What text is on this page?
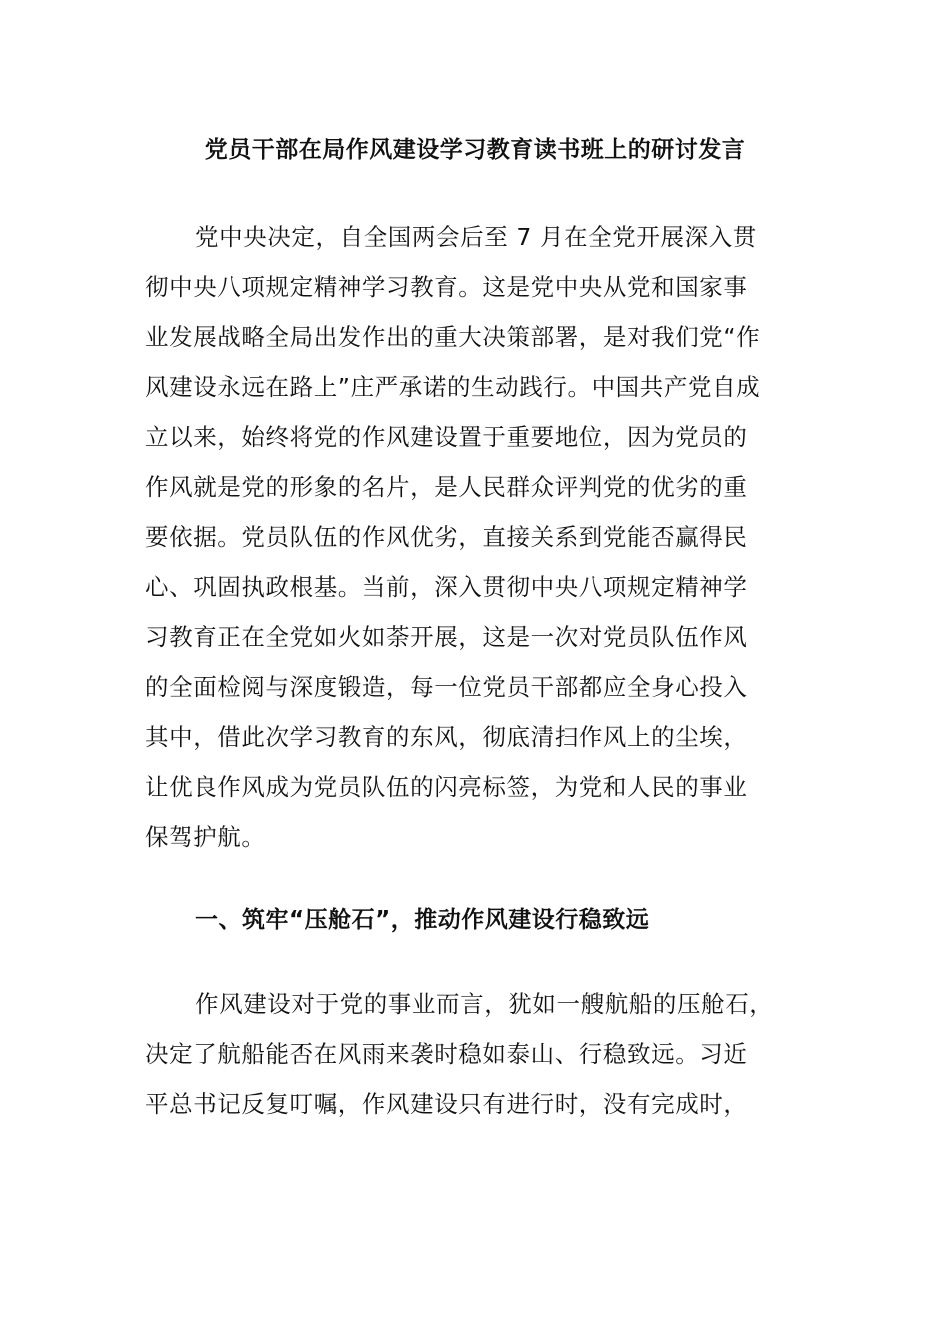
党员干部在局作风建设学习教育读书班上的研讨发言
党中央决定，自全国两会后至 7 月在全党开展深入贯
彻中央八项规定精神学习教育。这是党中央从党和国家事
业发展战略全局出发作出的重大决策部署，是对我们党“作
风建设永远在路上”庄严承诺的生动践行。中国共产党自成
立以来，始终将党的作风建设置于重要地位，因为党员的
作风就是党的形象的名片，是人民群众评判党的优劣的重
要依据。党员队伍的作风优劣，直接关系到党能否赢得民
心、巩固执政根基。当前，深入贯彻中央八项规定精神学
习教育正在全党如火如荼开展，这是一次对党员队伍作风
的全面检阅与深度锻造，每一位党员干部都应全身心投入
其中，借此次学习教育的东风，彻底清扫作风上的尘埃，
让优良作风成为党员队伍的闪亮标签，为党和人民的事业
保驾护航。
一、筑牢“压舱石”，推动作风建设行稳致远
作风建设对于党的事业而言，犹如一艘航船的压舱石，
决定了航船能否在风雨来袭时稳如泰山、行稳致远。习近
平总书记反复叮嘱，作风建设只有进行时，没有完成时，
